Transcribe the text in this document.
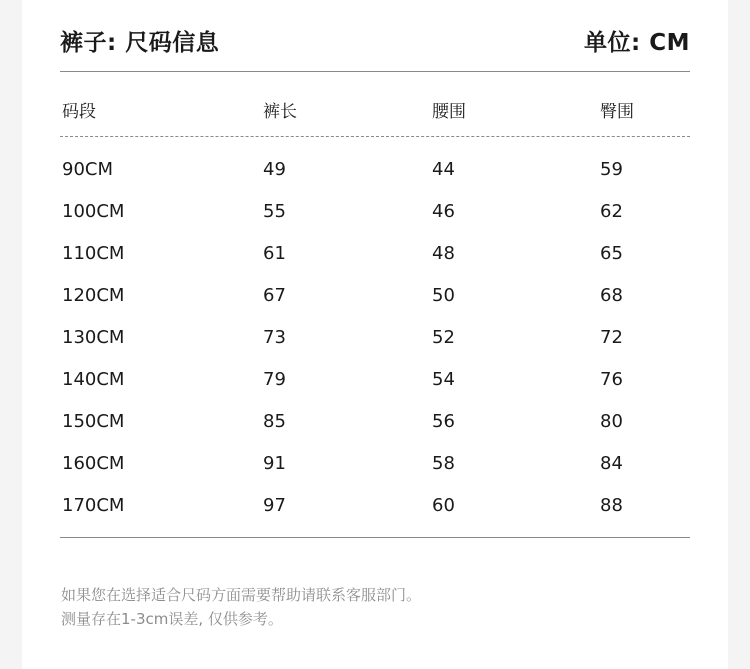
裤子: 尺码信息	单位: CM
码段	裤长	腰围	臀围
90CM	49	44	59
100CM	55	46	62
110CM	61	48	65
120CM	67	50	68
130CM	73	52	72
140CM	79	54	76
150CM	85	56	80
160CM	91	58	84
170CM	97	60	88
如果您在选择适合尺码方面需要帮助请联系客服部门。
测量存在1-3cm误差, 仅供参考。
